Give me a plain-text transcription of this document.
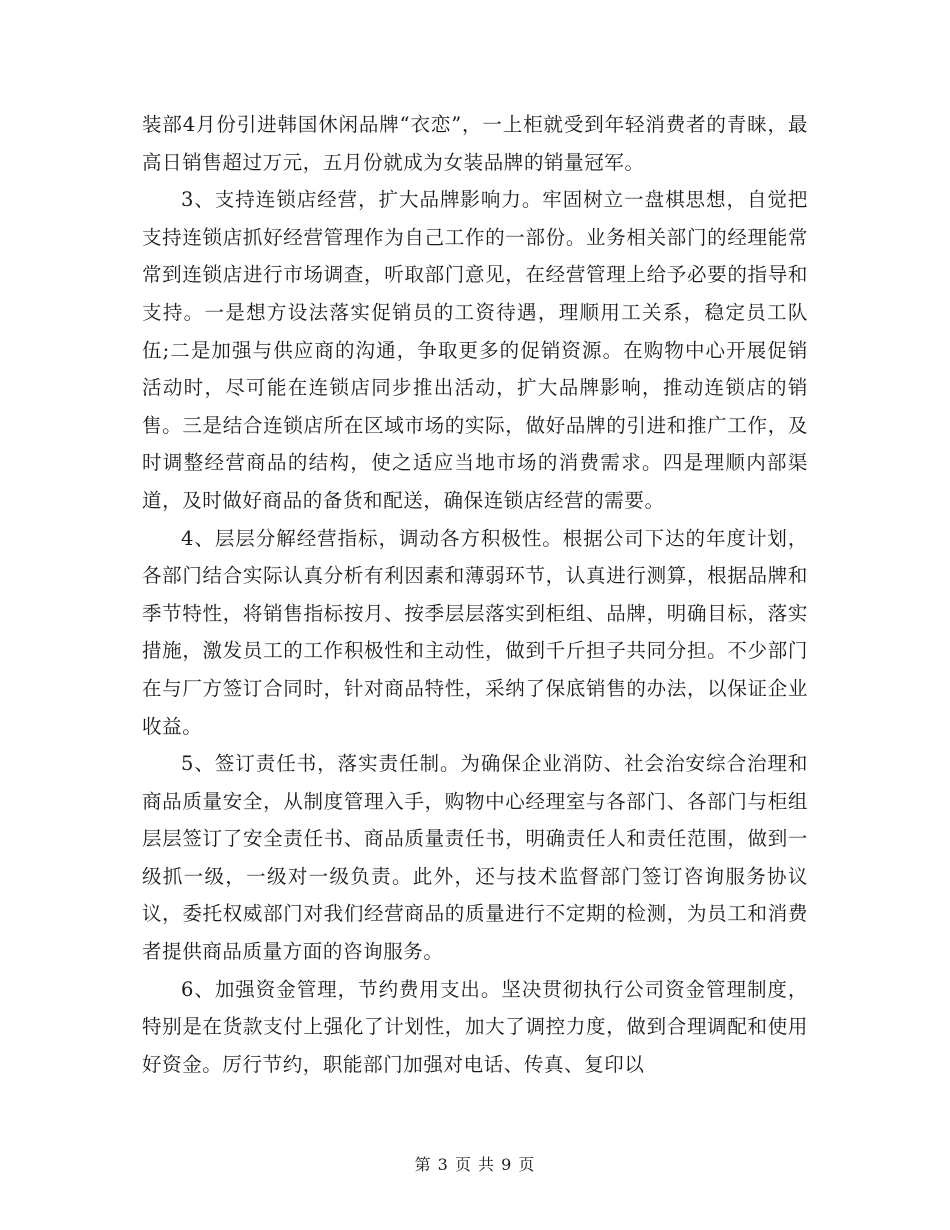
装部4月份引进韩国休闲品牌“衣恋”，一上柜就受到年轻消费者的青睐，最高日销售超过万元，五月份就成为女装品牌的销量冠军。

3、支持连锁店经营，扩大品牌影响力。牢固树立一盘棋思想，自觉把支持连锁店抓好经营管理作为自己工作的一部份。业务相关部门的经理能常常到连锁店进行市场调查，听取部门意见，在经营管理上给予必要的指导和支持。一是想方设法落实促销员的工资待遇，理顺用工关系，稳定员工队伍;二是加强与供应商的沟通，争取更多的促销资源。在购物中心开展促销活动时，尽可能在连锁店同步推出活动，扩大品牌影响，推动连锁店的销售。三是结合连锁店所在区域市场的实际，做好品牌的引进和推广工作，及时调整经营商品的结构，使之适应当地市场的消费需求。四是理顺内部渠道，及时做好商品的备货和配送，确保连锁店经营的需要。

4、层层分解经营指标，调动各方积极性。根据公司下达的年度计划，各部门结合实际认真分析有利因素和薄弱环节，认真进行测算，根据品牌和季节特性，将销售指标按月、按季层层落实到柜组、品牌，明确目标，落实措施，激发员工的工作积极性和主动性，做到千斤担子共同分担。不少部门在与厂方签订合同时，针对商品特性，采纳了保底销售的办法，以保证企业收益。

5、签订责任书，落实责任制。为确保企业消防、社会治安综合治理和商品质量安全，从制度管理入手，购物中心经理室与各部门、各部门与柜组层层签订了安全责任书、商品质量责任书，明确责任人和责任范围，做到一级抓一级，一级对一级负责。此外，还与技术监督部门签订咨询服务协议议，委托权威部门对我们经营商品的质量进行不定期的检测，为员工和消费者提供商品质量方面的咨询服务。

6、加强资金管理，节约费用支出。坚决贯彻执行公司资金管理制度，特别是在货款支付上强化了计划性，加大了调控力度，做到合理调配和使用好资金。厉行节约，职能部门加强对电话、传真、复印以

第 3 页 共 9 页
